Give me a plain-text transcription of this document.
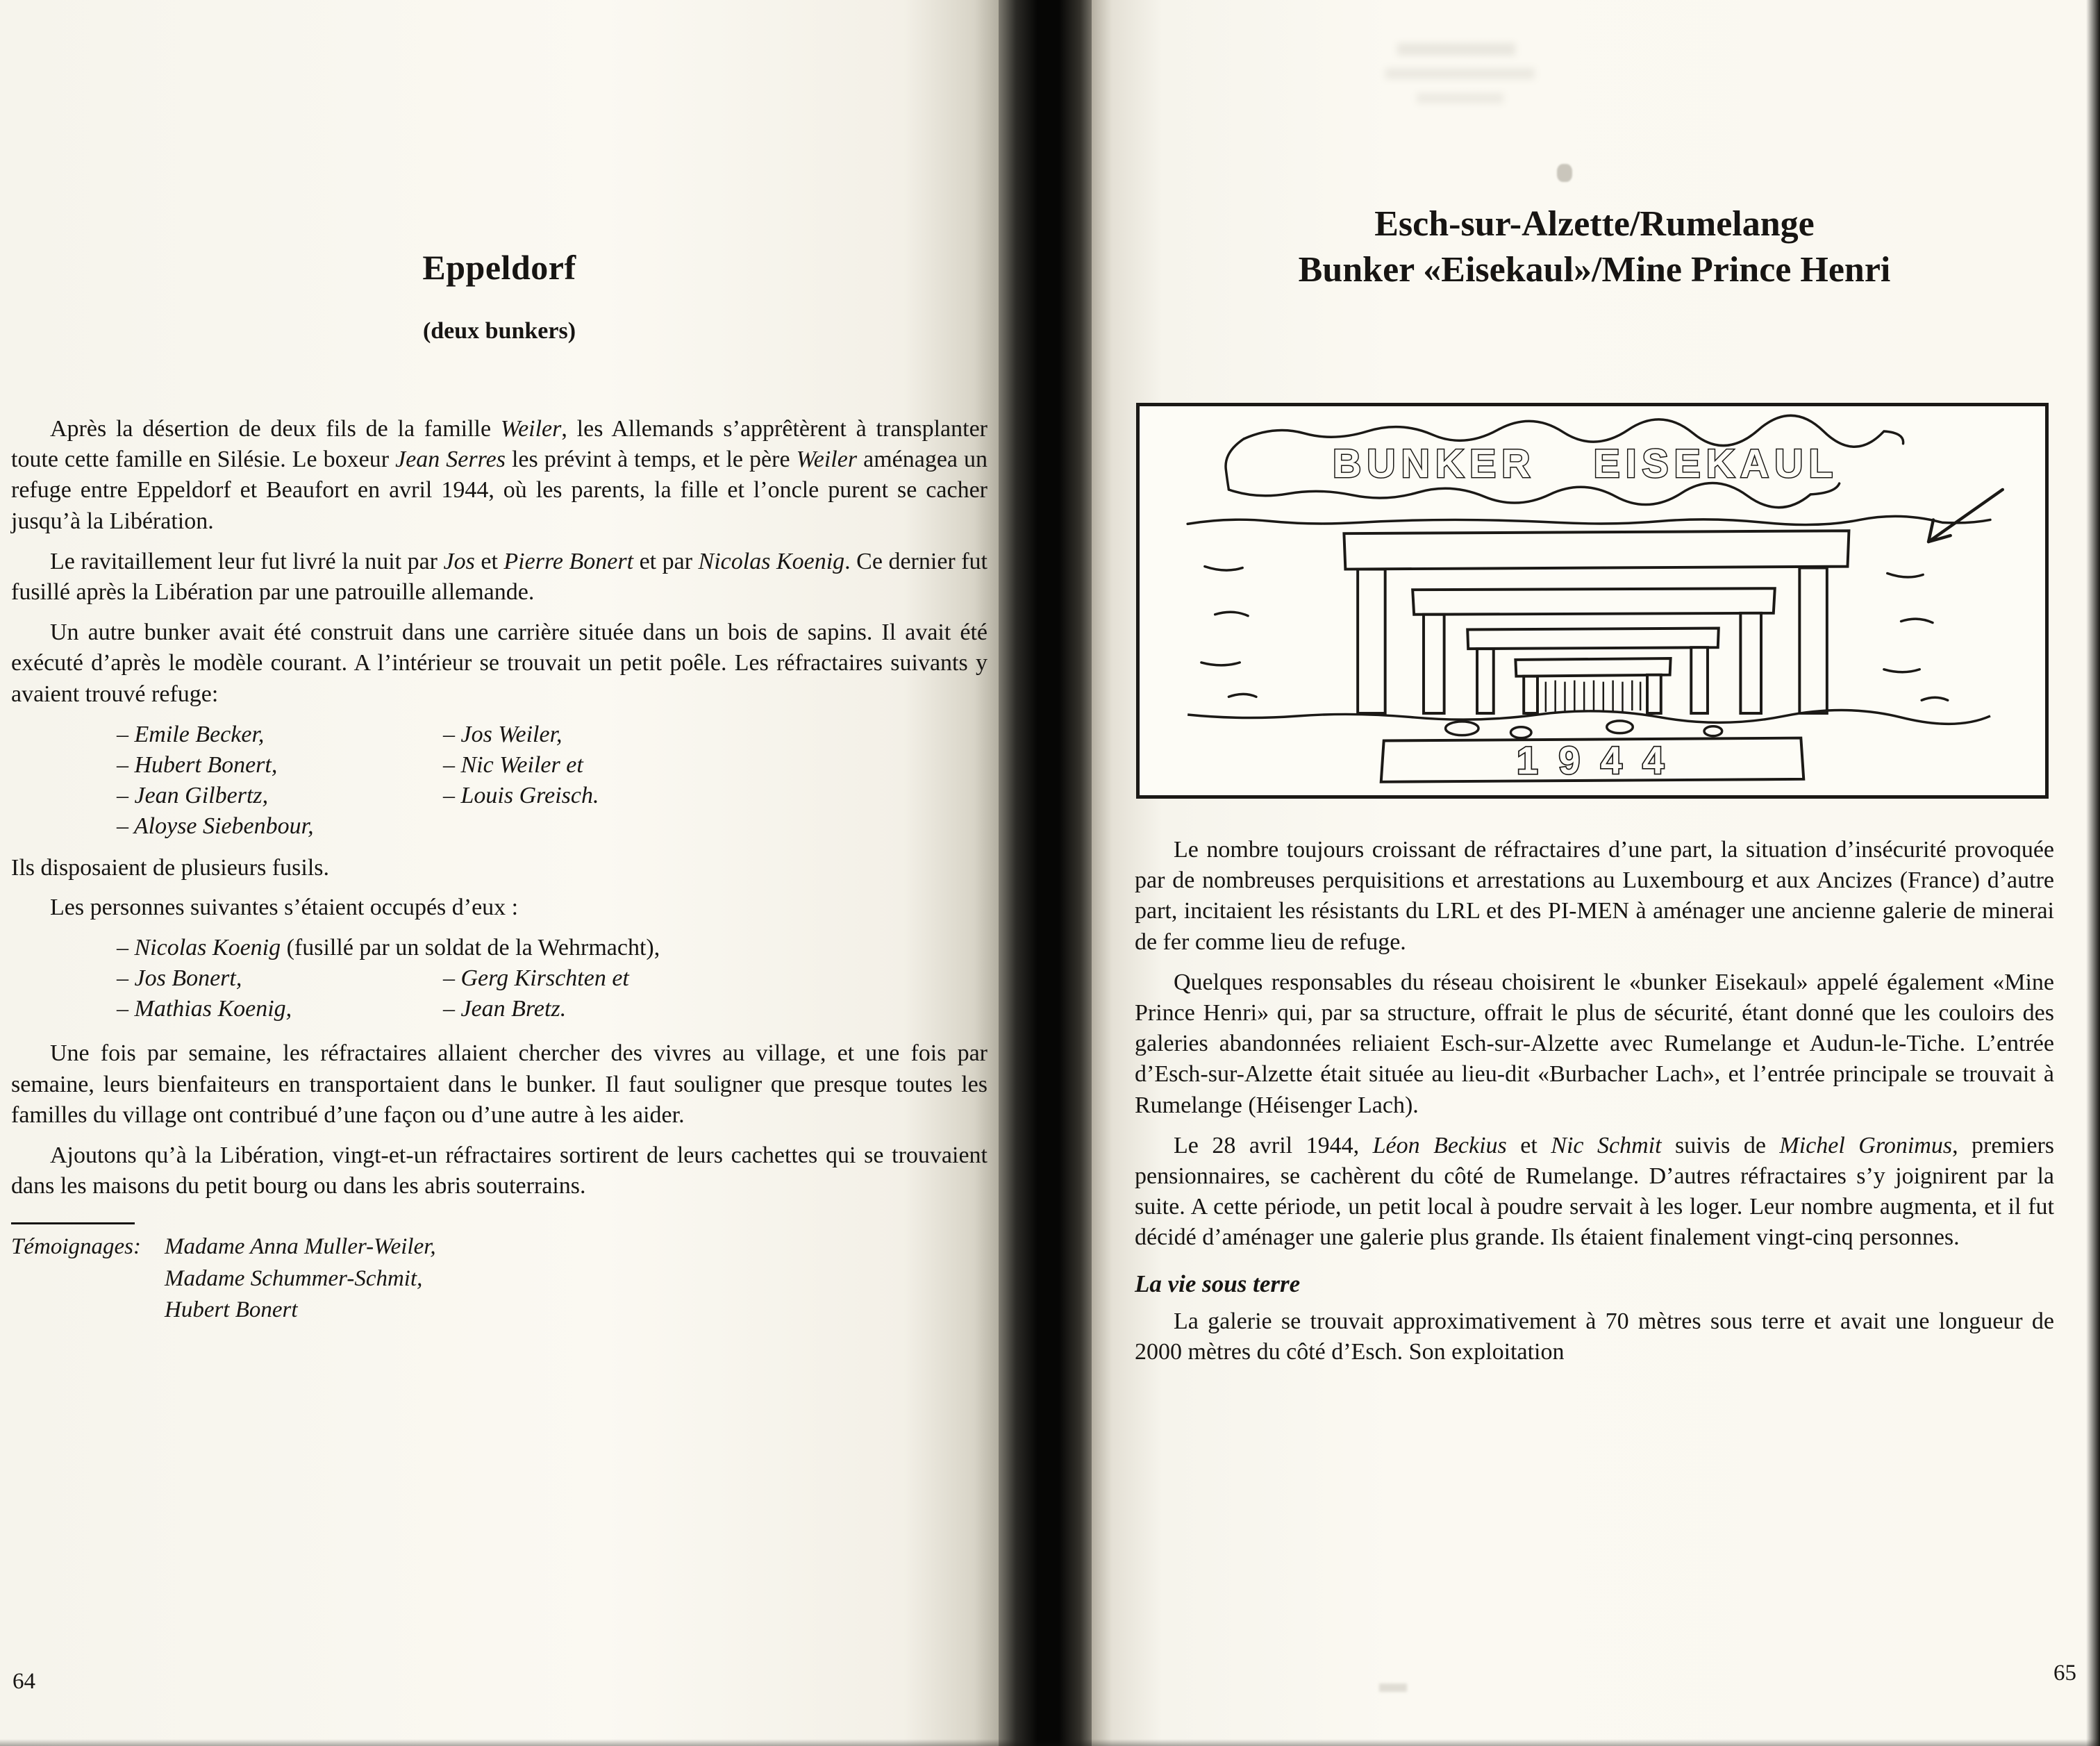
Eppeldorf
(deux bunkers)

Après la désertion de deux fils de la famille Weiler, les Allemands s’apprêtèrent à transplanter toute cette famille en Silésie. Le boxeur Jean Serres les prévint à temps, et le père Weiler aménagea un refuge entre Eppeldorf et Beaufort en avril 1944, où les parents, la fille et l’oncle purent se cacher jusqu’à la Libération.

Le ravitaillement leur fut livré la nuit par Jos et Pierre Bonert et par Nicolas Koenig. Ce dernier fut fusillé après la Libération par une patrouille allemande.

Un autre bunker avait été construit dans une carrière située dans un bois de sapins. Il avait été exécuté d’après le modèle courant. A l’intérieur se trouvait un petit poêle. Les réfractaires suivants y avaient trouvé refuge:

– Emile Becker,
– Hubert Bonert,
– Jean Gilbertz,
– Aloyse Siebenbour,
– Jos Weiler,
– Nic Weiler et
– Louis Greisch.
Ils disposaient de plusieurs fusils.

Les personnes suivantes s’étaient occupés d’eux :

– Nicolas Koenig (fusillé par un soldat de la Wehrmacht),
– Jos Bonert,
– Mathias Koenig,
– Gerg Kirschten et
– Jean Bretz.

Une fois par semaine, les réfractaires allaient chercher des vivres au village, et une fois par semaine, leurs bienfaiteurs en transportaient dans le bunker. Il faut souligner que presque toutes les familles du village ont contribué d’une façon ou d’une autre à les aider.

Ajoutons qu’à la Libération, vingt-et-un réfractaires sortirent de leurs cachettes qui se trouvaient dans les maisons du petit bourg ou dans les abris souterrains.

Témoignages: Madame Anna Muller-Weiler,
Madame Schummer-Schmit,
Hubert Bonert
64
Esch-sur-Alzette/Rumelange
Bunker «Eisekaul»/Mine Prince Henri
BUNKER EISEKAUL
1944

Le nombre toujours croissant de réfractaires d’une part, la situation d’insécurité provoquée par de nombreuses perquisitions et arrestations au Luxembourg et aux Ancizes (France) d’autre part, incitaient les résistants du LRL et des PI-MEN à aménager une ancienne galerie de minerai de fer comme lieu de refuge.

Quelques responsables du réseau choisirent le «bunker Eisekaul» appelé également «Mine Prince Henri» qui, par sa structure, offrait le plus de sécurité, étant donné que les couloirs des galeries abandonnées reliaient Esch-sur-Alzette avec Rumelange et Audun-le-Tiche. L’entrée d’Esch-sur-Alzette était située au lieu-dit «Burbacher Lach», et l’entrée principale se trouvait à Rumelange (Héisenger Lach).

Le 28 avril 1944, Léon Beckius et Nic Schmit suivis de Michel Gronimus, premiers pensionnaires, se cachèrent du côté de Rumelange. D’autres réfractaires s’y joignirent par la suite. A cette période, un petit local à poudre servait à les loger. Leur nombre augmenta, et il fut décidé d’aménager une galerie plus grande. Ils étaient finalement vingt-cinq personnes.

La vie sous terre

La galerie se trouvait approximativement à 70 mètres sous terre et avait une longueur de 2000 mètres du côté d’Esch. Son exploitation

65
